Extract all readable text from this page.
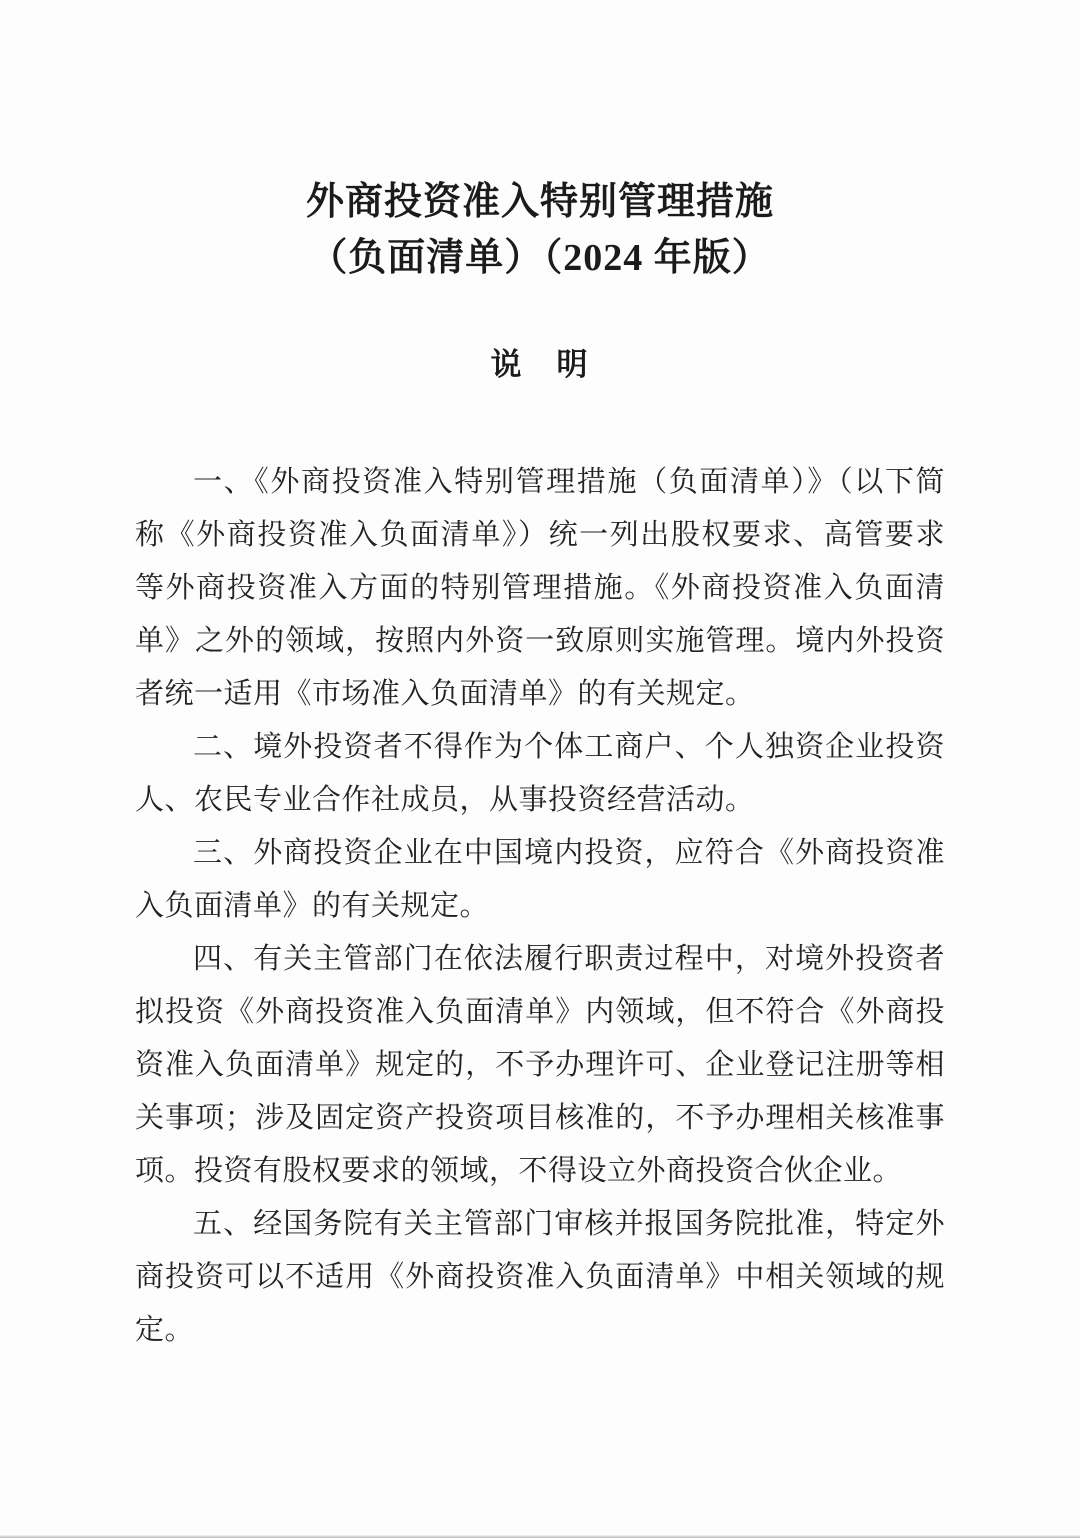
外商投资准入特别管理措施
（负面清单）（2024 年版）
说　明

一、《外商投资准入特别管理措施（负面清单）》（以下简称《外商投资准入负面清单》）统一列出股权要求、高管要求等外商投资准入方面的特别管理措施。《外商投资准入负面清单》之外的领域，按照内外资一致原则实施管理。境内外投资者统一适用《市场准入负面清单》的有关规定。

二、境外投资者不得作为个体工商户、个人独资企业投资人、农民专业合作社成员，从事投资经营活动。

三、外商投资企业在中国境内投资，应符合《外商投资准入负面清单》的有关规定。

四、有关主管部门在依法履行职责过程中，对境外投资者拟投资《外商投资准入负面清单》内领域，但不符合《外商投资准入负面清单》规定的，不予办理许可、企业登记注册等相关事项；涉及固定资产投资项目核准的，不予办理相关核准事项。投资有股权要求的领域，不得设立外商投资合伙企业。

五、经国务院有关主管部门审核并报国务院批准，特定外商投资可以不适用《外商投资准入负面清单》中相关领域的规定。
